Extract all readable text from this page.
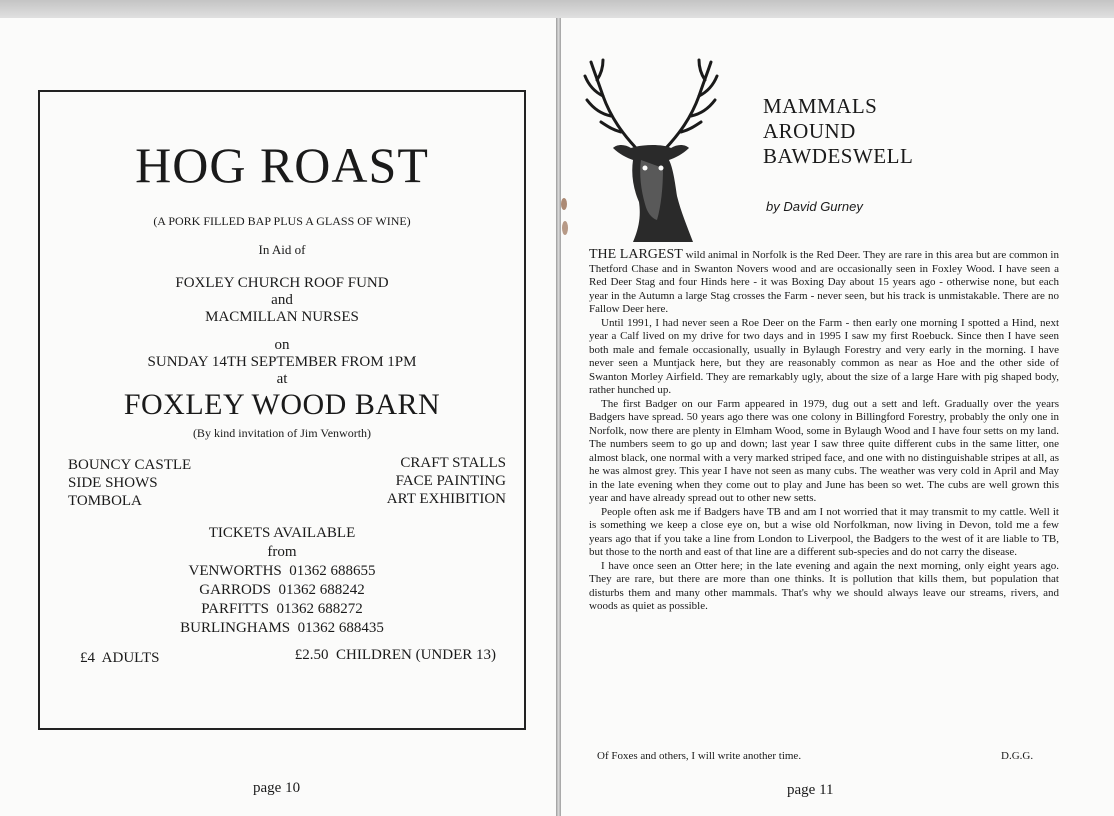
HOG ROAST
(A PORK FILLED BAP PLUS A GLASS OF WINE)
In Aid of
FOXLEY CHURCH ROOF FUND
and
MACMILLAN NURSES
on
SUNDAY 14TH SEPTEMBER FROM 1PM
at
FOXLEY WOOD BARN
(By kind invitation of Jim Venworth)
BOUNCY CASTLE
SIDE SHOWS
TOMBOLA
CRAFT STALLS
FACE PAINTING
ART EXHIBITION
TICKETS AVAILABLE
from
VENWORTHS  01362 688655
GARRODS  01362 688242
PARFITTS  01362 688272
BURLINGHAMS  01362 688435
£4  ADULTS	£2.50  CHILDREN (UNDER 13)
page 10
MAMMALS
AROUND
BAWDESWELL
by David Gurney

THE LARGEST wild animal in Norfolk is the Red Deer. They are rare in this area but are common in Thetford Chase and in Swanton Novers wood and are occasionally seen in Foxley Wood. I have seen a Red Deer Stag and four Hinds here - it was Boxing Day about 15 years ago - otherwise none, but each year in the Autumn a large Stag crosses the Farm - never seen, but his track is unmistakable. There are no Fallow Deer here.

Until 1991, I had never seen a Roe Deer on the Farm - then early one morning I spotted a Hind, next year a Calf lived on my drive for two days and in 1995 I saw my first Roebuck. Since then I have seen both male and female occasionally, usually in Bylaugh Forestry and very early in the morning. I have never seen a Muntjack here, but they are reasonably common as near as Hoe and the other side of Swanton Morley Airfield. They are remarkably ugly, about the size of a large Hare with pig shaped body, rather hunched up.

The first Badger on our Farm appeared in 1979, dug out a sett and left. Gradually over the years Badgers have spread. 50 years ago there was one colony in Billingford Forestry, probably the only one in Norfolk, now there are plenty in Elmham Wood, some in Bylaugh Wood and I have four setts on my land. The numbers seem to go up and down; last year I saw three quite different cubs in the same litter, one almost black, one normal with a very marked striped face, and one with no distinguishable stripes at all, as he was almost grey. This year I have not seen as many cubs. The weather was very cold in April and May in the late evening when they come out to play and June has been so wet. The cubs are well grown this year and have already spread out to other new setts.

People often ask me if Badgers have TB and am I not worried that it may transmit to my cattle. Well it is something we keep a close eye on, but a wise old Norfolkman, now living in Devon, told me a few years ago that if you take a line from London to Liverpool, the Badgers to the west of it are liable to TB, but those to the north and east of that line are a different sub-species and do not carry the disease.

I have once seen an Otter here; in the late evening and again the next morning, only eight years ago. They are rare, but there are more than one thinks. It is pollution that kills them, but population that disturbs them and many other mammals. That's why we should always leave our streams, rivers, and woods as quiet as possible.

Of Foxes and others, I will write another time.	D.G.G.
page 11
